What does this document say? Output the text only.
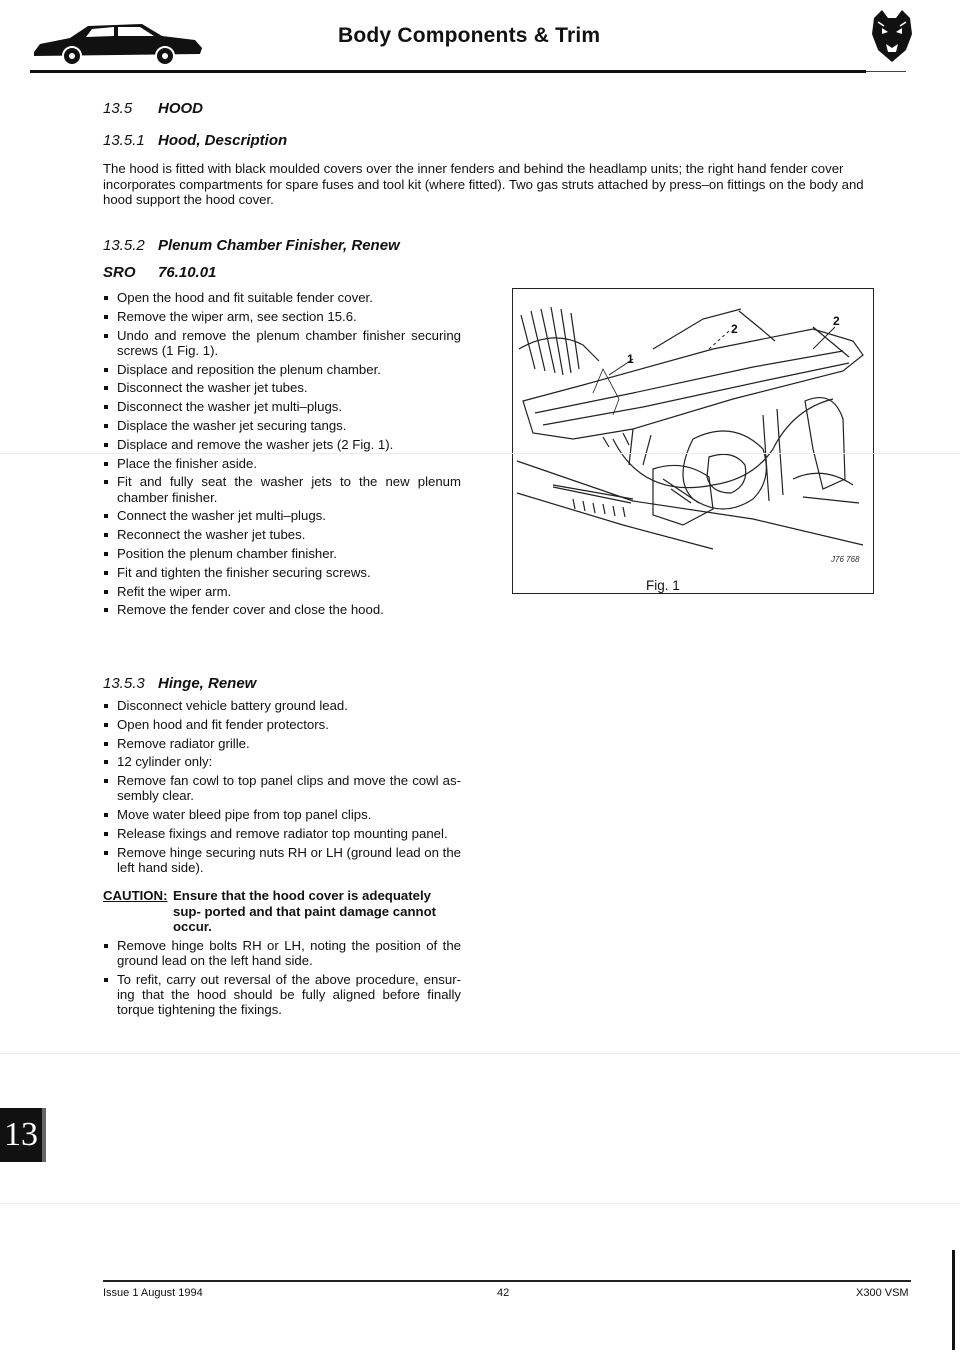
Body Components & Trim
13.5 HOOD
13.5.1 Hood, Description
The hood is fitted with black moulded covers over the inner fenders and behind the headlamp units; the right hand fender cover incorporates compartments for spare fuses and tool kit (where fitted). Two gas struts attached by press–on fittings on the body and hood support the hood cover.
13.5.2 Plenum Chamber Finisher, Renew
SRO 76.10.01
Open the hood and fit suitable fender cover.
Remove the wiper arm, see section 15.6.
Undo and remove the plenum chamber finisher securing screws (1 Fig. 1).
Displace and reposition the plenum chamber.
Disconnect the washer jet tubes.
Disconnect the washer jet multi–plugs.
Displace the washer jet securing tangs.
Displace and remove the washer jets (2 Fig. 1).
Place the finisher aside.
Fit and fully seat the washer jets to the new plenum chamber finisher.
Connect the washer jet multi–plugs.
Reconnect the washer jet tubes.
Position the plenum chamber finisher.
Fit and tighten the finisher securing screws.
Refit the wiper arm.
Remove the fender cover and close the hood.
1
2
2
J76 768
Fig. 1
13.5.3 Hinge, Renew
Disconnect vehicle battery ground lead.
Open hood and fit fender protectors.
Remove radiator grille.
12 cylinder only:
Remove fan cowl to top panel clips and move the cowl as- sembly clear.
Move water bleed pipe from top panel clips.
Release fixings and remove radiator top mounting panel.
Remove hinge securing nuts RH or LH (ground lead on the left hand side).
CAUTION: Ensure that the hood cover is adequately sup- ported and that paint damage cannot occur.
Remove hinge bolts RH or LH, noting the position of the ground lead on the left hand side.
To refit, carry out reversal of the above procedure, ensur- ing that the hood should be fully aligned before finally torque tightening the fixings.
13
Issue 1 August 1994	42	X300 VSM
